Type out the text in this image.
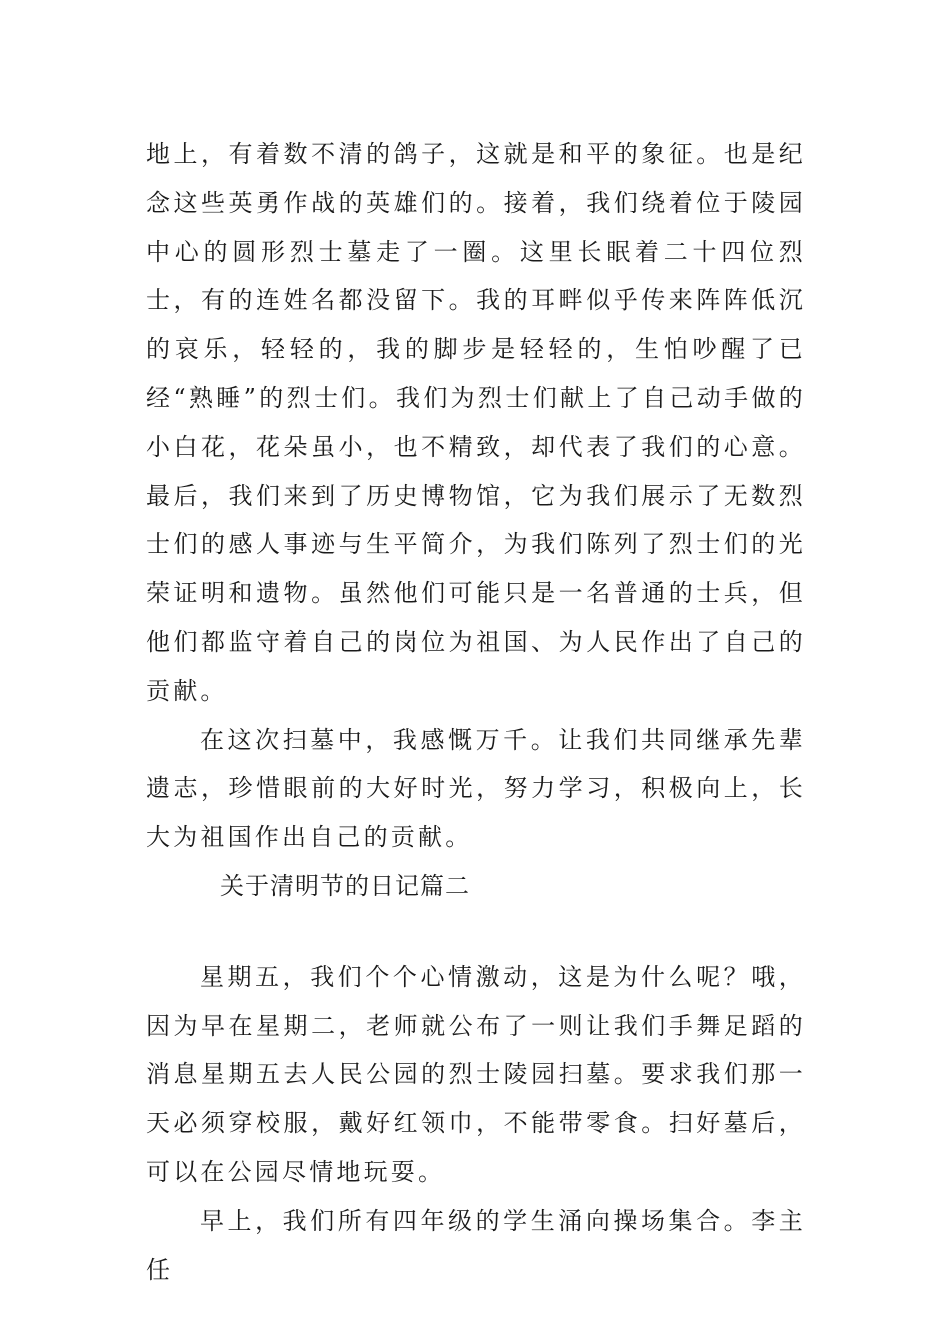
地上，有着数不清的鸽子，这就是和平的象征。也是纪念这些英勇作战的英雄们的。接着，我们绕着位于陵园中心的圆形烈士墓走了一圈。这里长眠着二十四位烈士，有的连姓名都没留下。我的耳畔似乎传来阵阵低沉的哀乐，轻轻的，我的脚步是轻轻的，生怕吵醒了已经“熟睡”的烈士们。我们为烈士们献上了自己动手做的小白花，花朵虽小，也不精致，却代表了我们的心意。最后，我们来到了历史博物馆，它为我们展示了无数烈士们的感人事迹与生平简介，为我们陈列了烈士们的光荣证明和遗物。虽然他们可能只是一名普通的士兵，但他们都监守着自己的岗位为祖国、为人民作出了自己的贡献。

在这次扫墓中，我感慨万千。让我们共同继承先辈遗志，珍惜眼前的大好时光，努力学习，积极向上，长大为祖国作出自己的贡献。

关于清明节的日记篇二

星期五，我们个个心情激动，这是为什么呢？哦，因为早在星期二，老师就公布了一则让我们手舞足蹈的消息星期五去人民公园的烈士陵园扫墓。要求我们那一天必须穿校服，戴好红领巾，不能带零食。扫好墓后，可以在公园尽情地玩耍。

早上，我们所有四年级的学生涌向操场集合。李主任
